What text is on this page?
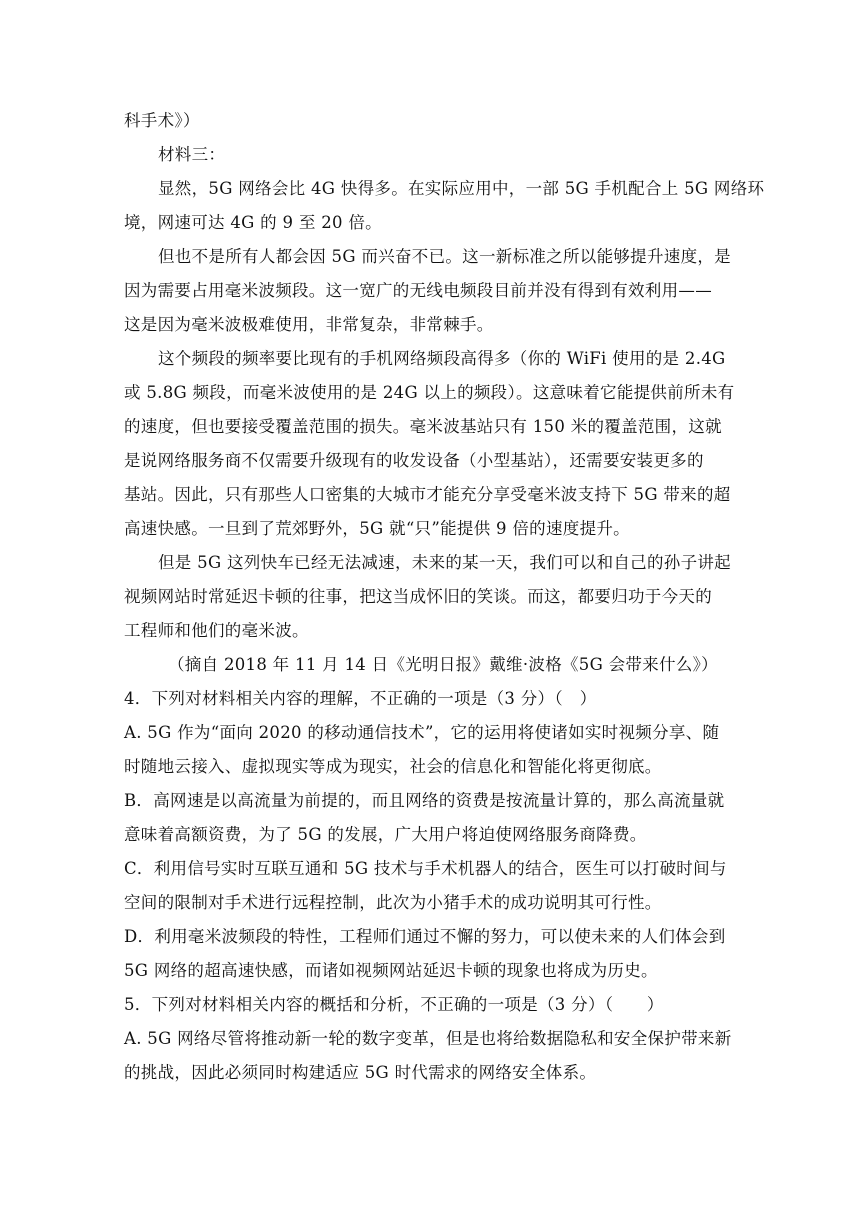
科手术》）
材料三：
显然，5G 网络会比 4G 快得多。在实际应用中，一部 5G 手机配合上 5G 网络环
境，网速可达 4G 的 9 至 20 倍。
但也不是所有人都会因 5G 而兴奋不已。这一新标准之所以能够提升速度，是
因为需要占用毫米波频段。这一宽广的无线电频段目前并没有得到有效利用——
这是因为毫米波极难使用，非常复杂，非常棘手。
这个频段的频率要比现有的手机网络频段高得多（你的 WiFi 使用的是 2.4G
或 5.8G 频段，而毫米波使用的是 24G 以上的频段）。这意味着它能提供前所未有
的速度，但也要接受覆盖范围的损失。毫米波基站只有 150 米的覆盖范围，这就
是说网络服务商不仅需要升级现有的收发设备（小型基站），还需要安装更多的
基站。因此，只有那些人口密集的大城市才能充分享受毫米波支持下 5G 带来的超
高速快感。一旦到了荒郊野外，5G 就“只”能提供 9 倍的速度提升。
但是 5G 这列快车已经无法减速，未来的某一天，我们可以和自己的孙子讲起
视频网站时常延迟卡顿的往事，把这当成怀旧的笑谈。而这，都要归功于今天的
工程师和他们的毫米波。
（摘自 2018 年 11 月 14 日《光明日报》戴维·波格《5G 会带来什么》）
4．下列对材料相关内容的理解，不正确的一项是（3 分）（　）
A. 5G 作为“面向 2020 的移动通信技术”，它的运用将使诸如实时视频分享、随
时随地云接入、虚拟现实等成为现实，社会的信息化和智能化将更彻底。
B．高网速是以高流量为前提的，而且网络的资费是按流量计算的，那么高流量就
意味着高额资费，为了 5G 的发展，广大用户将迫使网络服务商降费。
C．利用信号实时互联互通和 5G 技术与手术机器人的结合，医生可以打破时间与
空间的限制对手术进行远程控制，此次为小猪手术的成功说明其可行性。
D．利用毫米波频段的特性，工程师们通过不懈的努力，可以使未来的人们体会到
5G 网络的超高速快感，而诸如视频网站延迟卡顿的现象也将成为历史。
5．下列对材料相关内容的概括和分析，不正确的一项是（3 分）（　　）
A. 5G 网络尽管将推动新一轮的数字变革，但是也将给数据隐私和安全保护带来新
的挑战，因此必须同时构建适应 5G 时代需求的网络安全体系。
